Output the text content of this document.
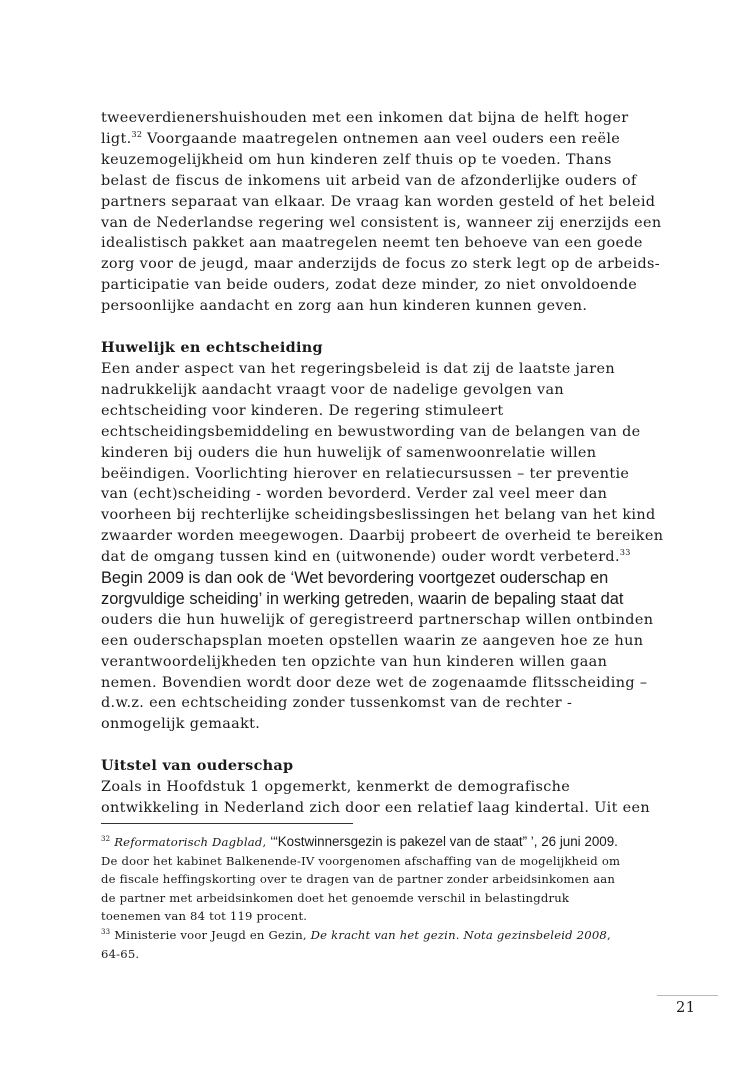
tweeverdienershuishouden met een inkomen dat bijna de helft hoger
ligt.$^{32}$ Voorgaande maatregelen ontnemen aan veel ouders een reële
keuzemogelijkheid om hun kinderen zelf thuis op te voeden. Thans
belast de fiscus de inkomens uit arbeid van de afzonderlijke ouders of
partners separaat van elkaar. De vraag kan worden gesteld of het beleid
van de Nederlandse regering wel consistent is, wanneer zij enerzijds een
idealistisch pakket aan maatregelen neemt ten behoeve van een goede
zorg voor de jeugd, maar anderzijds de focus zo sterk legt op de arbeids-
participatie van beide ouders, zodat deze minder, zo niet onvoldoende
persoonlijke aandacht en zorg aan hun kinderen kunnen geven.
Huwelijk en echtscheiding
Een ander aspect van het regeringsbeleid is dat zij de laatste jaren
nadrukkelijk aandacht vraagt voor de nadelige gevolgen van
echtscheiding voor kinderen. De regering stimuleert
echtscheidingsbemiddeling en bewustwording van de belangen van de
kinderen bij ouders die hun huwelijk of samenwoonrelatie willen
beëindigen. Voorlichting hierover en relatiecursussen – ter preventie
van (echt)scheiding - worden bevorderd. Verder zal veel meer dan
voorheen bij rechterlijke scheidingsbeslissingen het belang van het kind
zwaarder worden meegewogen. Daarbij probeert de overheid te bereiken
dat de omgang tussen kind en (uitwonende) ouder wordt verbeterd.$^{33}$
Begin 2009 is dan ook de ‘Wet bevordering voortgezet ouderschap en
zorgvuldige scheiding’ in werking getreden, waarin de bepaling staat dat
ouders die hun huwelijk of geregistreerd partnerschap willen ontbinden
een ouderschapsplan moeten opstellen waarin ze aangeven hoe ze hun
verantwoordelijkheden ten opzichte van hun kinderen willen gaan
nemen. Bovendien wordt door deze wet de zogenaamde flitsscheiding –
d.w.z. een echtscheiding zonder tussenkomst van de rechter -
onmogelijk gemaakt.
Uitstel van ouderschap
Zoals in Hoofdstuk 1 opgemerkt, kenmerkt de demografische
ontwikkeling in Nederland zich door een relatief laag kindertal. Uit een
$^{32}$ Reformatorisch Dagblad, ‘“Kostwinnersgezin is pakezel van de staat” ’, 26 juni 2009.
De door het kabinet Balkenende-IV voorgenomen afschaffing van de mogelijkheid om
de fiscale heffingskorting over te dragen van de partner zonder arbeidsinkomen aan
de partner met arbeidsinkomen doet het genoemde verschil in belastingdruk
toenemen van 84 tot 119 procent.
$^{33}$ Ministerie voor Jeugd en Gezin, De kracht van het gezin. Nota gezinsbeleid 2008,
64-65.
21
